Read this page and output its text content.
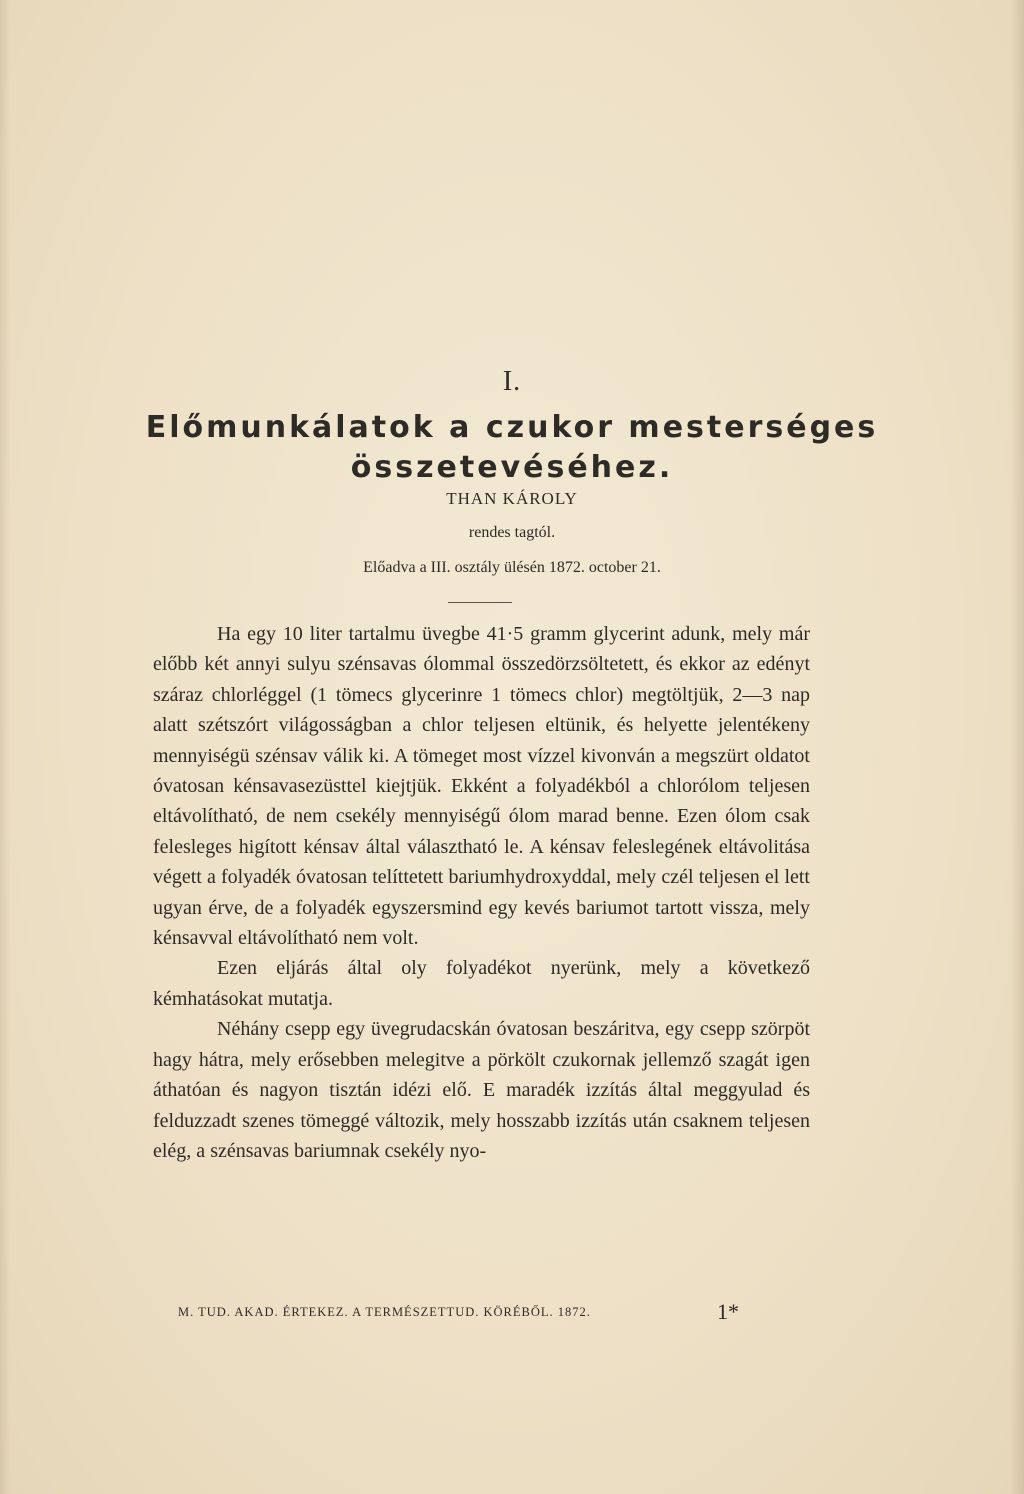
I.
Előmunkálatok a czukor mesterséges
összetevéséhez.
THAN KÁROLY
rendes tagtól.
Előadva a III. osztály ülésén 1872. october 21.

Ha egy 10 liter tartalmu üvegbe 41·5 gramm glycerint adunk, mely már előbb két annyi sulyu szénsavas ólommal összedörzsöltetett, és ekkor az edényt száraz chlorléggel (1 tömecs glycerinre 1 tömecs chlor) megtöltjük, 2—3 nap alatt szétszórt világosságban a chlor teljesen eltünik, és helyette jelentékeny mennyiségü szénsav válik ki. A tömeget most vízzel kivonván a megszürt oldatot óvatosan kénsavasezüsttel kiejtjük. Ekként a folyadékból a chlorólom teljesen eltávolítható, de nem csekély mennyiségű ólom marad benne. Ezen ólom csak felesleges higított kénsav által választható le. A kénsav feleslegének eltávolitása végett a folyadék óvatosan telíttetett bariumhydroxyddal, mely czél teljesen el lett ugyan érve, de a folyadék egyszersmind egy kevés bariumot tartott vissza, mely kénsavval eltávolítható nem volt.

Ezen eljárás által oly folyadékot nyerünk, mely a következő kémhatásokat mutatja.

Néhány csepp egy üvegrudacskán óvatosan beszáritva, egy csepp szörpöt hagy hátra, mely erősebben melegitve a pörkölt czukornak jellemző szagát igen áthatóan és nagyon tisztán idézi elő. E maradék izzítás által meggyulad és felduzzadt szenes tömeggé változik, mely hosszabb izzítás után csaknem teljesen elég, a szénsavas bariumnak csekély nyo-

M. TUD. AKAD. ÉRTEKEZ. A TERMÉSZETTUD. KÖRÉBŐL. 1872.	1*
